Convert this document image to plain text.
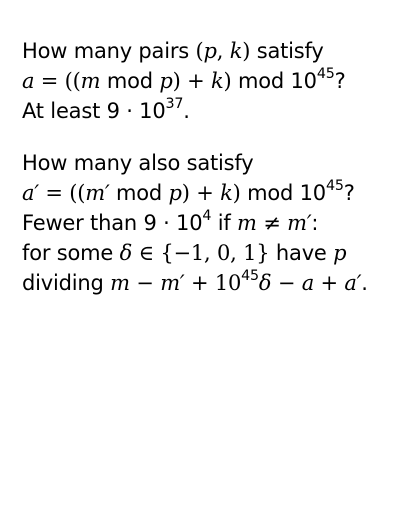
How many pairs (p, k) satisfy
a = ((m mod p) + k) mod $10^{45}$?
At least $9 \cdot 10^{37}$.
How many also satisfy
a′ = ((m′ mod p) + k) mod $10^{45}$?
Fewer than $9 \cdot 10^4$ if m ≠ m′:
for some δ ∈ {−1, 0, 1} have p
dividing $m - m' + 10^{45}\delta - a + a'$.
